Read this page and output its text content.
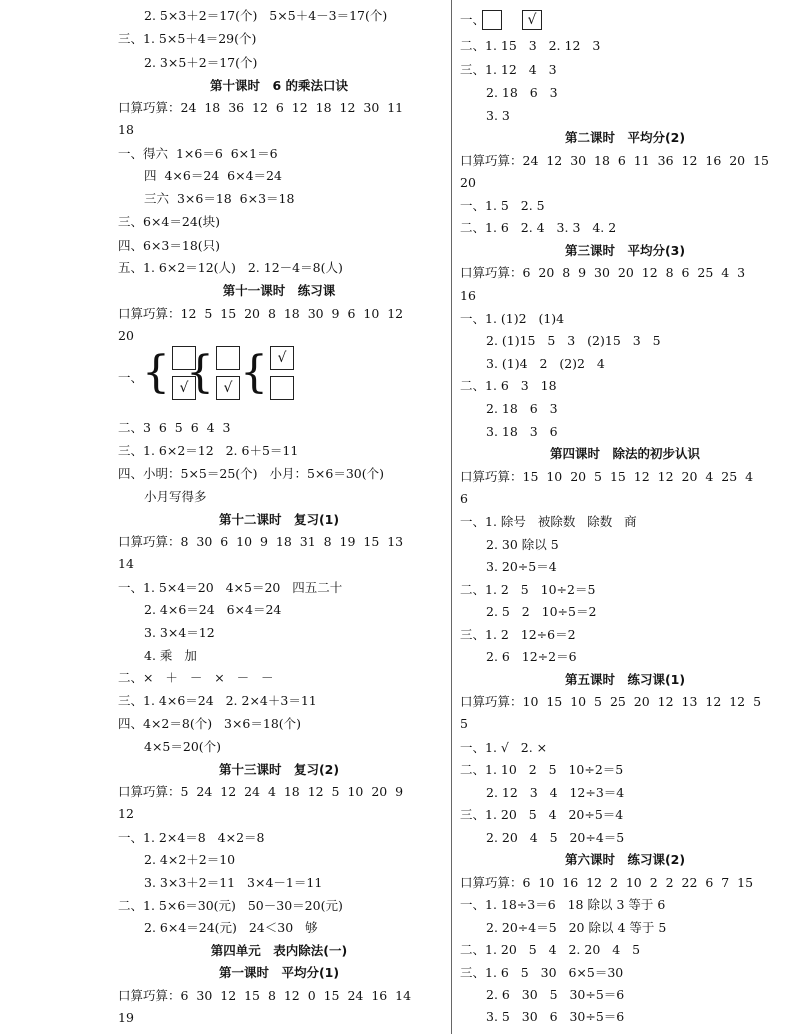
2. 5×3＋2＝17(个)   5×5＋4－3＝17(个)
三、1. 5×5＋4＝29(个)
2. 3×5＋2＝17(个)
第十课时　6 的乘法口诀
口算巧算：24  18  36  12  6  12  18  12  30  11
18
一、得六  1×6＝6  6×1＝6
四  4×6＝24  6×4＝24
三六  3×6＝18  6×3＝18
三、6×4＝24(块)
四、6×3＝18(只)
五、1. 6×2＝12(人)   2. 12－4＝8(人)
第十一课时　练习课
口算巧算：12  5  15  20  8  18  30  9  6  10  12
20
二、3  6  5  6  4  3
三、1. 6×2＝12   2. 6＋5＝11
四、小明：5×5＝25(个)   小月：5×6＝30(个)
小月写得多
第十二课时　复习(1)
口算巧算：8  30  6  10  9  18  31  8  19  15  13
14
一、1. 5×4＝20   4×5＝20   四五二十
2. 4×6＝24   6×4＝24
3. 3×4＝12
4. 乘   加
二、×   ＋   －   ×   －   －
三、1. 4×6＝24   2. 2×4＋3＝11
四、4×2＝8(个)   3×6＝18(个)
4×5＝20(个)
第十三课时　复习(2)
口算巧算：5  24  12  24  4  18  12  5  10  20  9
12
一、1. 2×4＝8   4×2＝8
2. 4×2＋2＝10
3. 3×3＋2＝11   3×4－1＝11
二、1. 5×6＝30(元)   50－30＝20(元)
2. 6×4＝24(元)   24＜30   够
第四单元　表内除法(一)
第一课时　平均分(1)
口算巧算：6  30  12  15  8  12  0  15  24  16  14
19
二、1. 15   3   2. 12   3
三、1. 12   4   3
2. 18   6   3
3. 3
第二课时　平均分(2)
口算巧算：24  12  30  18  6  11  36  12  16  20  15
20
一、1. 5   2. 5
二、1. 6   2. 4   3. 3   4. 2
第三课时　平均分(3)
口算巧算：6  20  8  9  30  20  12  8  6  25  4  3
16
一、1. (1)2   (1)4
2. (1)15   5   3   (2)15   3   5
3. (1)4   2   (2)2   4
二、1. 6   3   18
2. 18   6   3
3. 18   3   6
第四课时　除法的初步认识
口算巧算：15  10  20  5  15  12  12  20  4  25  4
6
一、1. 除号   被除数   除数   商
2. 30 除以 5
3. 20÷5＝4
二、1. 2   5   10÷2＝5
2. 5   2   10÷5＝2
三、1. 2   12÷6＝2
2. 6   12÷2＝6
第五课时　练习课(1)
口算巧算：10  15  10  5  25  20  12  13  12  12  5
5
一、1. √   2. ×
二、1. 10   2   5   10÷2＝5
2. 12   3   4   12÷3＝4
三、1. 20   5   4   20÷5＝4
2. 20   4   5   20÷4＝5
第六课时　练习课(2)
口算巧算：6  10  16  12  2  10  2  2  22  6  7  15
一、1. 18÷3＝6   18 除以 3 等于 6
2. 20÷4＝5   20 除以 4 等于 5
二、1. 20   5   4   2. 20   4   5
三、1. 6   5   30   6×5＝30
2. 6   30   5   30÷5＝6
3. 5   30   6   30÷5＝6
一、
{ √
{ √ { √
一、	√
